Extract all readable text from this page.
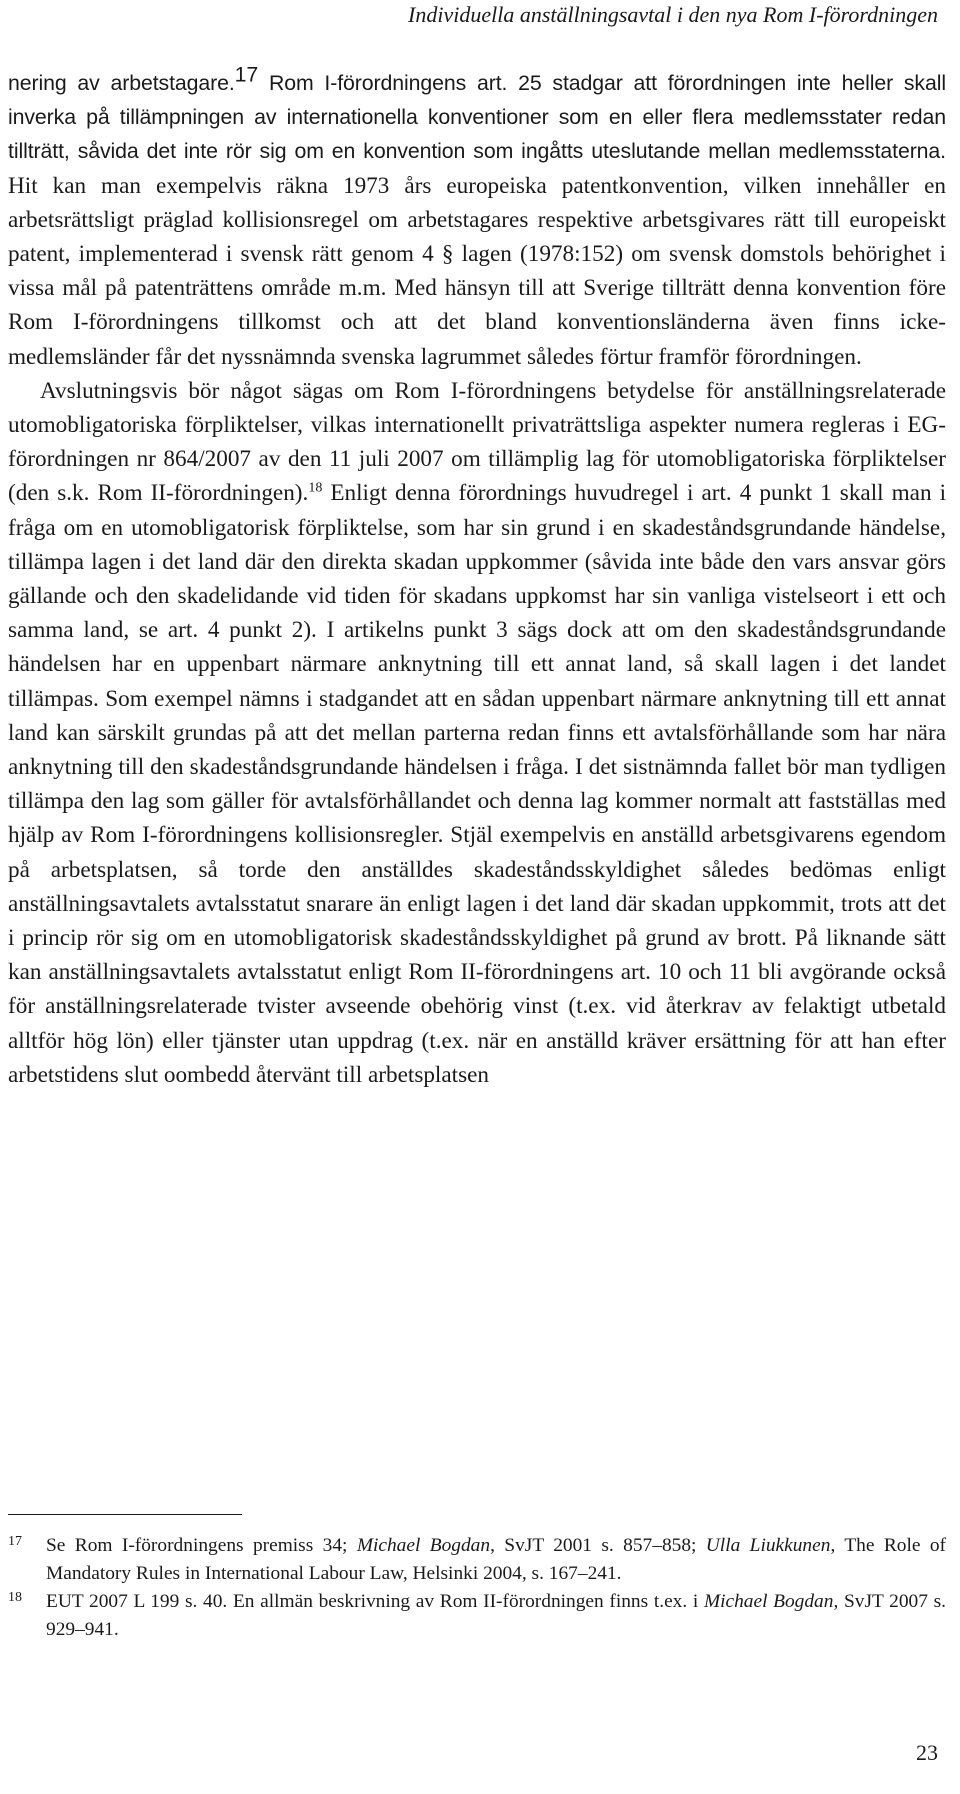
Individuella anställningsavtal i den nya Rom I-förordningen

nering av arbetstagare.$^{17}$ Rom I-förordningens art. 25 stadgar att förordningen inte heller skall inverka på tillämpningen av internationella konventioner som en eller flera medlemsstater redan tillträtt, såvida det inte rör sig om en konvention som ingåtts uteslutande mellan medlemsstaterna. Hit kan man exempelvis räkna 1973 års europeiska patentkonvention, vilken innehåller en arbetsrättsligt präglad kollisionsregel om arbetstagares respektive arbetsgivares rätt till europeiskt patent, implementerad i svensk rätt genom 4 § lagen (1978:152) om svensk domstols behörighet i vissa mål på patenträttens område m.m. Med hänsyn till att Sverige tillträtt denna konvention före Rom I-förordningens tillkomst och att det bland konventionsländerna även finns icke-medlemsländer får det nyssnämnda svenska lagrummet således förtur framför förordningen.

Avslutningsvis bör något sägas om Rom I-förordningens betydelse för anställningsrelaterade utomobligatoriska förpliktelser, vilkas internationellt privaträttsliga aspekter numera regleras i EG-förordningen nr 864/2007 av den 11 juli 2007 om tillämplig lag för utomobligatoriska förpliktelser (den s.k. Rom II-förordningen).$^{18}$ Enligt denna förordnings huvudregel i art. 4 punkt 1 skall man i fråga om en utomobligatorisk förpliktelse, som har sin grund i en skadeståndsgrundande händelse, tillämpa lagen i det land där den direkta skadan uppkommer (såvida inte både den vars ansvar görs gällande och den skadelidande vid tiden för skadans uppkomst har sin vanliga vistelseort i ett och samma land, se art. 4 punkt 2). I artikelns punkt 3 sägs dock att om den skadeståndsgrundande händelsen har en uppenbart närmare anknytning till ett annat land, så skall lagen i det landet tillämpas. Som exempel nämns i stadgandet att en sådan uppenbart närmare anknytning till ett annat land kan särskilt grundas på att det mellan parterna redan finns ett avtalsförhållande som har nära anknytning till den skadeståndsgrundande händelsen i fråga. I det sistnämnda fallet bör man tydligen tillämpa den lag som gäller för avtalsförhållandet och denna lag kommer normalt att fastställas med hjälp av Rom I-förordningens kollisionsregler. Stjäl exempelvis en anställd arbetsgivarens egendom på arbetsplatsen, så torde den anställdes skadeståndsskyldighet således bedömas enligt anställningsavtalets avtalsstatut snarare än enligt lagen i det land där skadan uppkommit, trots att det i princip rör sig om en utomobligatorisk skadeståndsskyldighet på grund av brott. På liknande sätt kan anställningsavtalets avtalsstatut enligt Rom II-förordningens art. 10 och 11 bli avgörande också för anställningsrelaterade tvister avseende obehörig vinst (t.ex. vid återkrav av felaktigt utbetald alltför hög lön) eller tjänster utan uppdrag (t.ex. när en anställd kräver ersättning för att han efter arbetstidens slut oombedd återvänt till arbetsplatsen

17 Se Rom I-förordningens premiss 34; Michael Bogdan, SvJT 2001 s. 857–858; Ulla Liukkunen, The Role of Mandatory Rules in International Labour Law, Helsinki 2004, s. 167–241.
18 EUT 2007 L 199 s. 40. En allmän beskrivning av Rom II-förordningen finns t.ex. i Michael Bogdan, SvJT 2007 s. 929–941.
23
